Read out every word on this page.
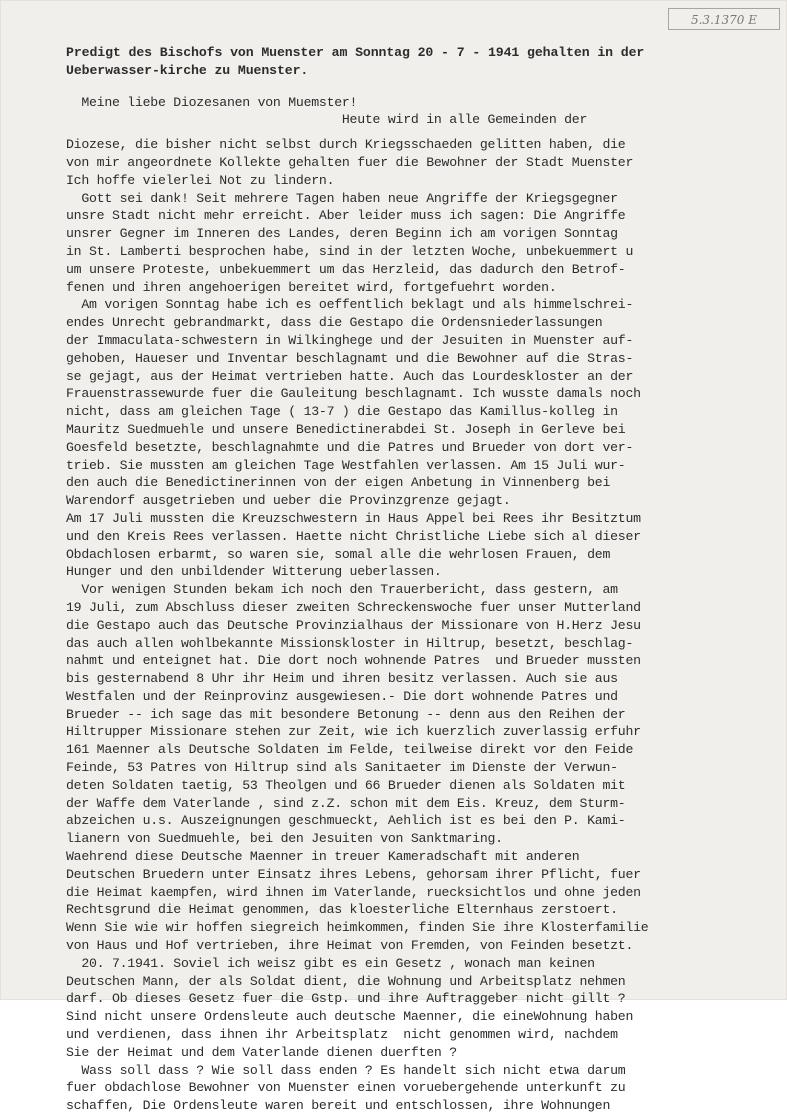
5.3.1370 E
Predigt des Bischofs von Muenster am Sonntag 20 - 7 - 1941 gehalten in der
Ueberwasser-kirche zu Muenster.
Meine liebe Diozesanen von Muemster!
Heute wird in alle Gemeinden der
Diozese, die bisher nicht selbst durch Kriegsschaeden gelitten haben, die
von mir angeordnete Kollekte gehalten fuer die Bewohner der Stadt Muenster
Ich hoffe vielerlei Not zu lindern.
Gott sei dank! Seit mehrere Tagen haben neue Angriffe der Kriegsgegner
unsre Stadt nicht mehr erreicht. Aber leider muss ich sagen: Die Angriffe
unsrer Gegner im Inneren des Landes, deren Beginn ich am vorigen Sonntag
in St. Lamberti besprochen habe, sind in der letzten Woche, unbekuemmert u
um unsere Proteste, unbekuemmert um das Herzleid, das dadurch den Betrof-
fenen und ihren angehoerigen bereitet wird, fortgefuehrt worden.
Am vorigen Sonntag habe ich es oeffentlich beklagt und als himmelschrei-
endes Unrecht gebrandmarkt, dass die Gestapo die Ordensniederlassungen
der Immaculata-schwestern in Wilkinghege und der Jesuiten in Muenster auf-
gehoben, Haueser und Inventar beschlagnamt und die Bewohner auf die Stras-
se gejagt, aus der Heimat vertrieben hatte. Auch das Lourdeskloster an der
Frauenstrassewurde fuer die Gauleitung beschlagnamt. Ich wusste damals noch
nicht, dass am gleichen Tage ( 13-7 ) die Gestapo das Kamillus-kolleg in
Mauritz Suedmuehle und unsere Benedictinerabdei St. Joseph in Gerleve bei
Goesfeld besetzte, beschlagnahmte und die Patres und Brueder von dort ver-
trieb. Sie mussten am gleichen Tage Westfahlen verlassen. Am 15 Juli wur-
den auch die Benedictinerinnen von der eigen Anbetung in Vinnenberg bei
Warendorf ausgetrieben und ueber die Provinzgrenze gejagt.
Am 17 Juli mussten die Kreuzschwestern in Haus Appel bei Rees ihr Besitztum
und den Kreis Rees verlassen. Haette nicht Christliche Liebe sich al dieser
Obdachlosen erbarmt, so waren sie, somal alle die wehrlosen Frauen, dem
Hunger und den unbildender Witterung ueberlassen.
Vor wenigen Stunden bekam ich noch den Trauerbericht, dass gestern, am
19 Juli, zum Abschluss dieser zweiten Schreckenswoche fuer unser Mutterland
die Gestapo auch das Deutsche Provinzialhaus der Missionare von H.Herz Jesu
das auch allen wohlbekannte Missionskloster in Hiltrup, besetzt, beschlag-
nahmt und enteignet hat. Die dort noch wohnende Patres  und Brueder mussten
bis gesternabend 8 Uhr ihr Heim und ihren besitz verlassen. Auch sie aus
Westfalen und der Reinprovinz ausgewiesen.- Die dort wohnende Patres und
Brueder -- ich sage das mit besondere Betonung -- denn aus den Reihen der
Hiltrupper Missionare stehen zur Zeit, wie ich kuerzlich zuverlassig erfuhr
161 Maenner als Deutsche Soldaten im Felde, teilweise direkt vor den Feide
Feinde, 53 Patres von Hiltrup sind als Sanitaeter im Dienste der Verwun-
deten Soldaten taetig, 53 Theolgen und 66 Brueder dienen als Soldaten mit
der Waffe dem Vaterlande , sind z.Z. schon mit dem Eis. Kreuz, dem Sturm-
abzeichen u.s. Auszeignungen geschmueckt, Aehlich ist es bei den P. Kami-
lianern von Suedmuehle, bei den Jesuiten von Sanktmaring.
Waehrend diese Deutsche Maenner in treuer Kameradschaft mit anderen
Deutschen Bruedern unter Einsatz ihres Lebens, gehorsam ihrer Pflicht, fuer
die Heimat kaempfen, wird ihnen im Vaterlande, ruecksichtlos und ohne jeden
Rechtsgrund die Heimat genommen, das kloesterliche Elternhaus zerstoert.
Wenn Sie wie wir hoffen siegreich heimkommen, finden Sie ihre Klosterfamilie
von Haus und Hof vertrieben, ihre Heimat von Fremden, von Feinden besetzt.
20. 7.1941. Soviel ich weisz gibt es ein Gesetz , wonach man keinen
Deutschen Mann, der als Soldat dient, die Wohnung und Arbeitsplatz nehmen
darf. Ob dieses Gesetz fuer die Gstp. und ihre Auftraggeber nicht gillt ?
Sind nicht unsere Ordensleute auch deutsche Maenner, die eineWohnung haben
und verdienen, dass ihnen ihr Arbeitsplatz  nicht genommen wird, nachdem
Sie der Heimat und dem Vaterlande dienen duerften ?
Wass soll dass ? Wie soll dass enden ? Es handelt sich nicht etwa darum
fuer obdachlose Bewohner von Muenster einen voruebergehende unterkunft zu
schaffen, Die Ordensleute waren bereit und entschlossen, ihre Wohnungen
